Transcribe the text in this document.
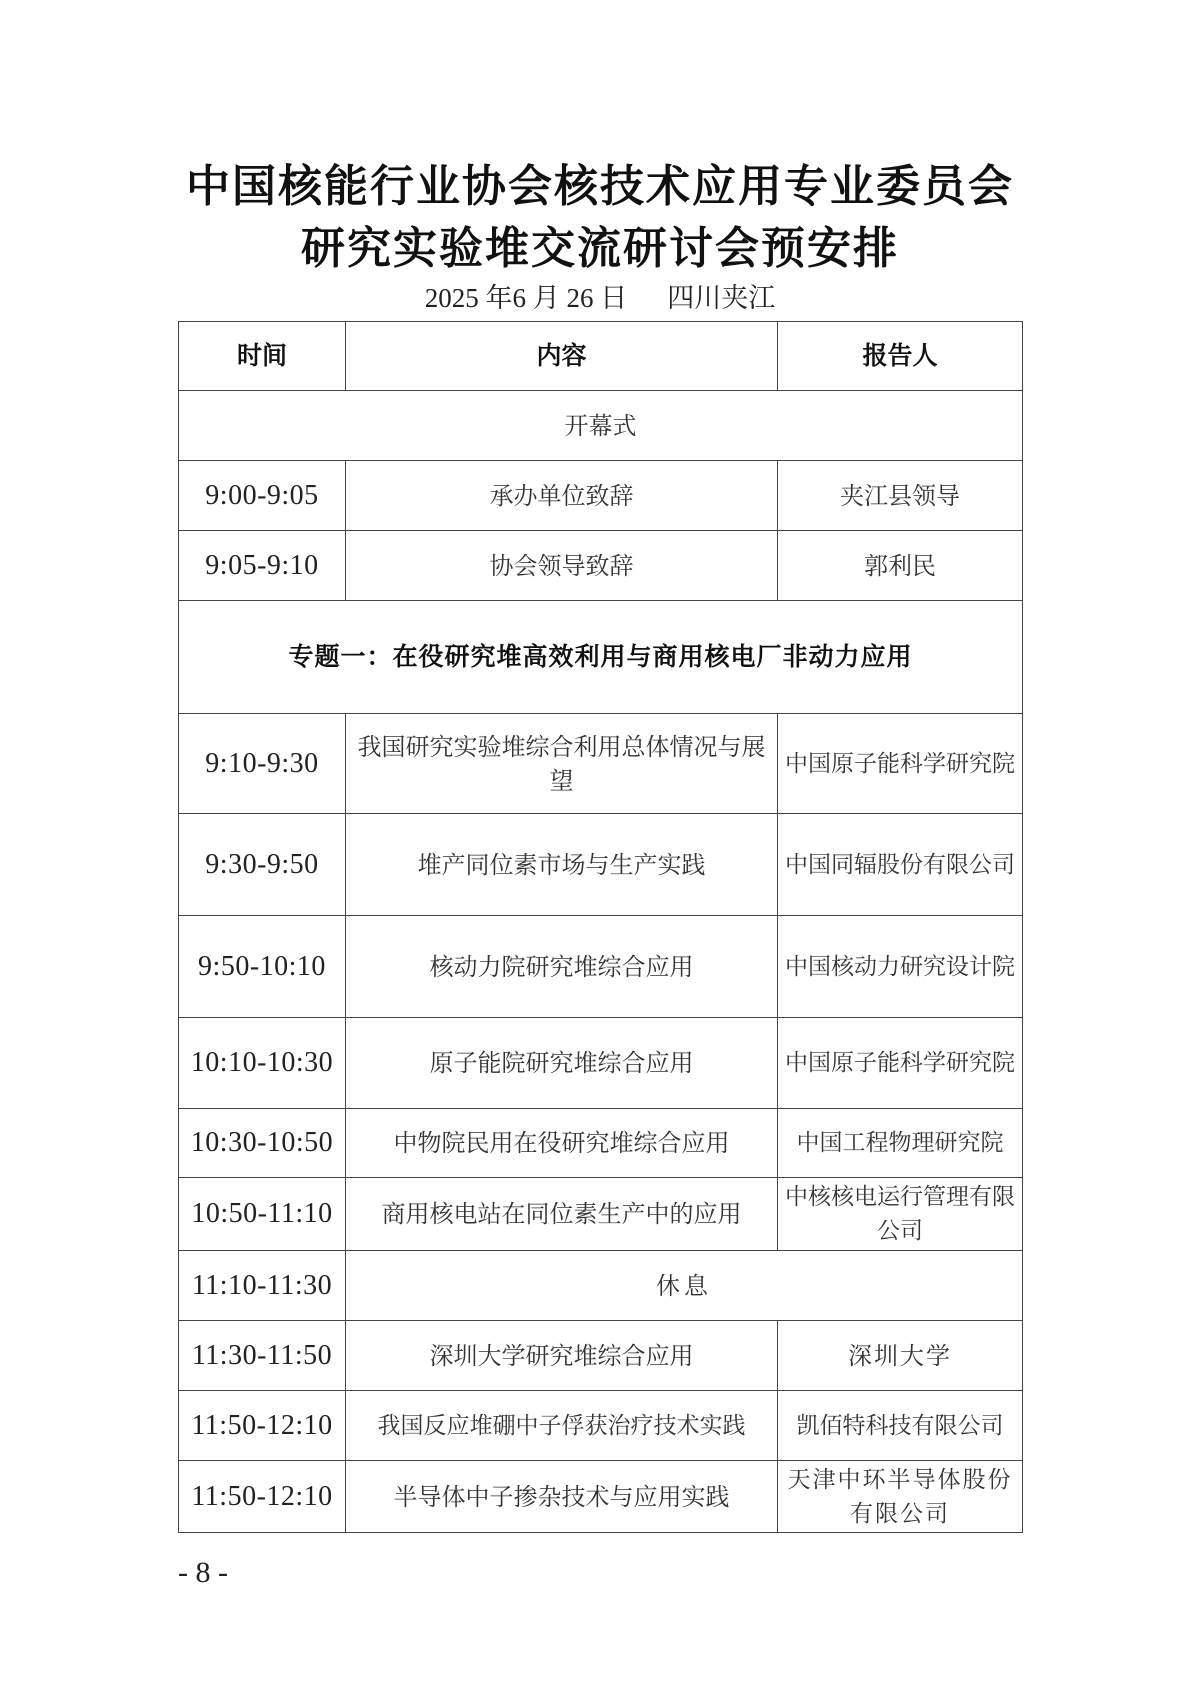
中国核能行业协会核技术应用专业委员会
研究实验堆交流研讨会预安排
2025 年6 月 26 日 四川夹江
时间	内容	报告人
开幕式		
9:00-9:05	承办单位致辞	夹江县领导
9:05-9:10	协会领导致辞	郭利民
专题一：在役研究堆高效利用与商用核电厂非动力应用		
9:10-9:30	我国研究实验堆综合利用总体情况与展望	中国原子能科学研究院
9:30-9:50	堆产同位素市场与生产实践	中国同辐股份有限公司
9:50-10:10	核动力院研究堆综合应用	中国核动力研究设计院
10:10-10:30	原子能院研究堆综合应用	中国原子能科学研究院
10:30-10:50	中物院民用在役研究堆综合应用	中国工程物理研究院
10:50-11:10	商用核电站在同位素生产中的应用	中核核电运行管理有限公司
11:10-11:30	休息	
11:30-11:50	深圳大学研究堆综合应用	深圳大学
11:50-12:10	我国反应堆硼中子俘获治疗技术实践	凯佰特科技有限公司
11:50-12:10	半导体中子掺杂技术与应用实践	天津中环半导体股份有限公司
- 8 -
